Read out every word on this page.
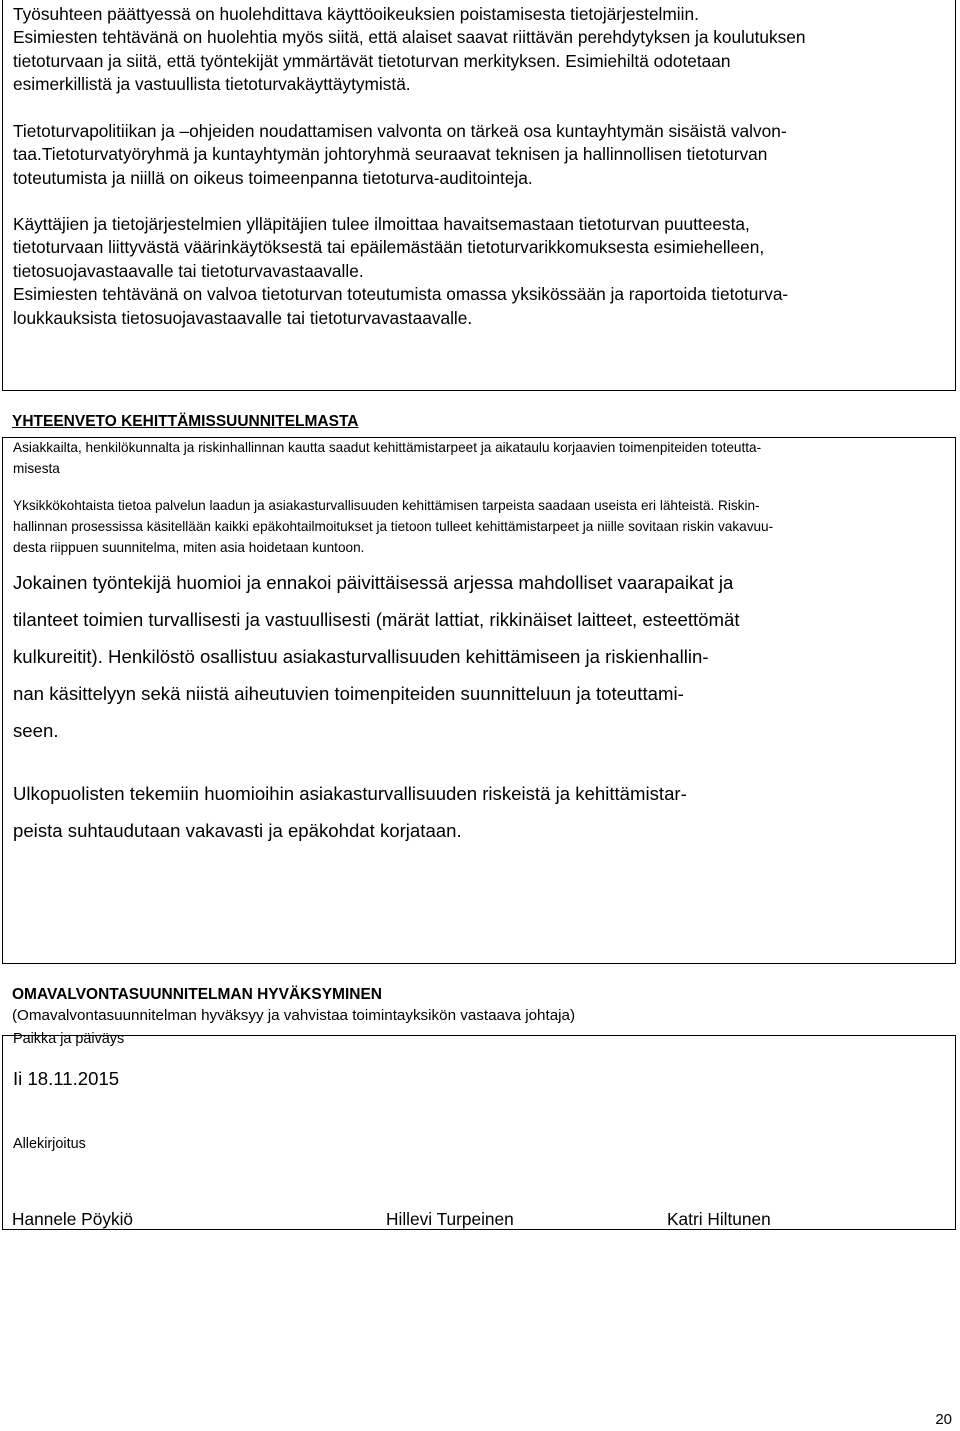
Työsuhteen päättyessä on huolehdittava käyttöoikeuksien poistamisesta tietojärjestelmiin.
Esimiesten tehtävänä on huolehtia myös siitä, että alaiset saavat riittävän perehdytyksen ja koulutuksen
tietoturvaan ja siitä, että työntekijät ymmärtävät tietoturvan merkityksen. Esimiehiltä odotetaan
esimerkillistä ja vastuullista tietoturvakäyttäytymistä.
Tietoturvapolitiikan ja –ohjeiden noudattamisen valvonta on tärkeä osa kuntayhtymän sisäistä valvon-
taa.Tietoturvatyöryhmä ja kuntayhtymän johtoryhmä seuraavat teknisen ja hallinnollisen tietoturvan
toteutumista ja niillä on oikeus toimeenpanna tietoturva-auditointeja.
Käyttäjien ja tietojärjestelmien ylläpitäjien tulee ilmoittaa havaitsemastaan tietoturvan puutteesta,
tietoturvaan liittyvästä väärinkäytöksestä tai epäilemästään tietoturvarikkomuksesta esimiehelleen,
tietosuojavastaavalle tai tietoturvavastaavalle.
Esimiesten tehtävänä on valvoa tietoturvan toteutumista omassa yksikössään ja raportoida tietoturva-
loukkauksista tietosuojavastaavalle tai tietoturvavastaavalle.

YHTEENVETO KEHITTÄMISSUUNNITELMASTA

Asiakkailta, henkilökunnalta ja riskinhallinnan kautta saadut kehittämistarpeet ja aikataulu korjaavien toimenpiteiden toteutta-
misesta
Yksikkökohtaista tietoa palvelun laadun ja asiakasturvallisuuden kehittämisen tarpeista saadaan useista eri lähteistä. Riskin-
hallinnan prosessissa käsitellään kaikki epäkohtailmoitukset ja tietoon tulleet kehittämistarpeet ja niille sovitaan riskin vakavuu-
desta riippuen suunnitelma, miten asia hoidetaan kuntoon.
Jokainen työntekijä huomioi ja ennakoi päivittäisessä arjessa mahdolliset vaarapaikat ja
tilanteet toimien turvallisesti ja vastuullisesti (märät lattiat, rikkinäiset laitteet, esteettömät
kulkureitit). Henkilöstö osallistuu asiakasturvallisuuden kehittämiseen ja riskienhallin-
nan käsittelyyn sekä niistä aiheutuvien toimenpiteiden suunnitteluun ja toteuttami-
seen.
Ulkopuolisten tekemiin huomioihin asiakasturvallisuuden riskeistä ja kehittämistar-
peista suhtaudutaan vakavasti ja epäkohdat korjataan.

OMAVALVONTASUUNNITELMAN HYVÄKSYMINEN

(Omavalvontasuunnitelman hyväksyy ja vahvistaa toimintayksikön vastaava johtaja)

Paikka ja päiväys

Ii 18.11.2015

Allekirjoitus

Hannele Pöykiö	Hillevi Turpeinen	Katri Hiltunen

20
